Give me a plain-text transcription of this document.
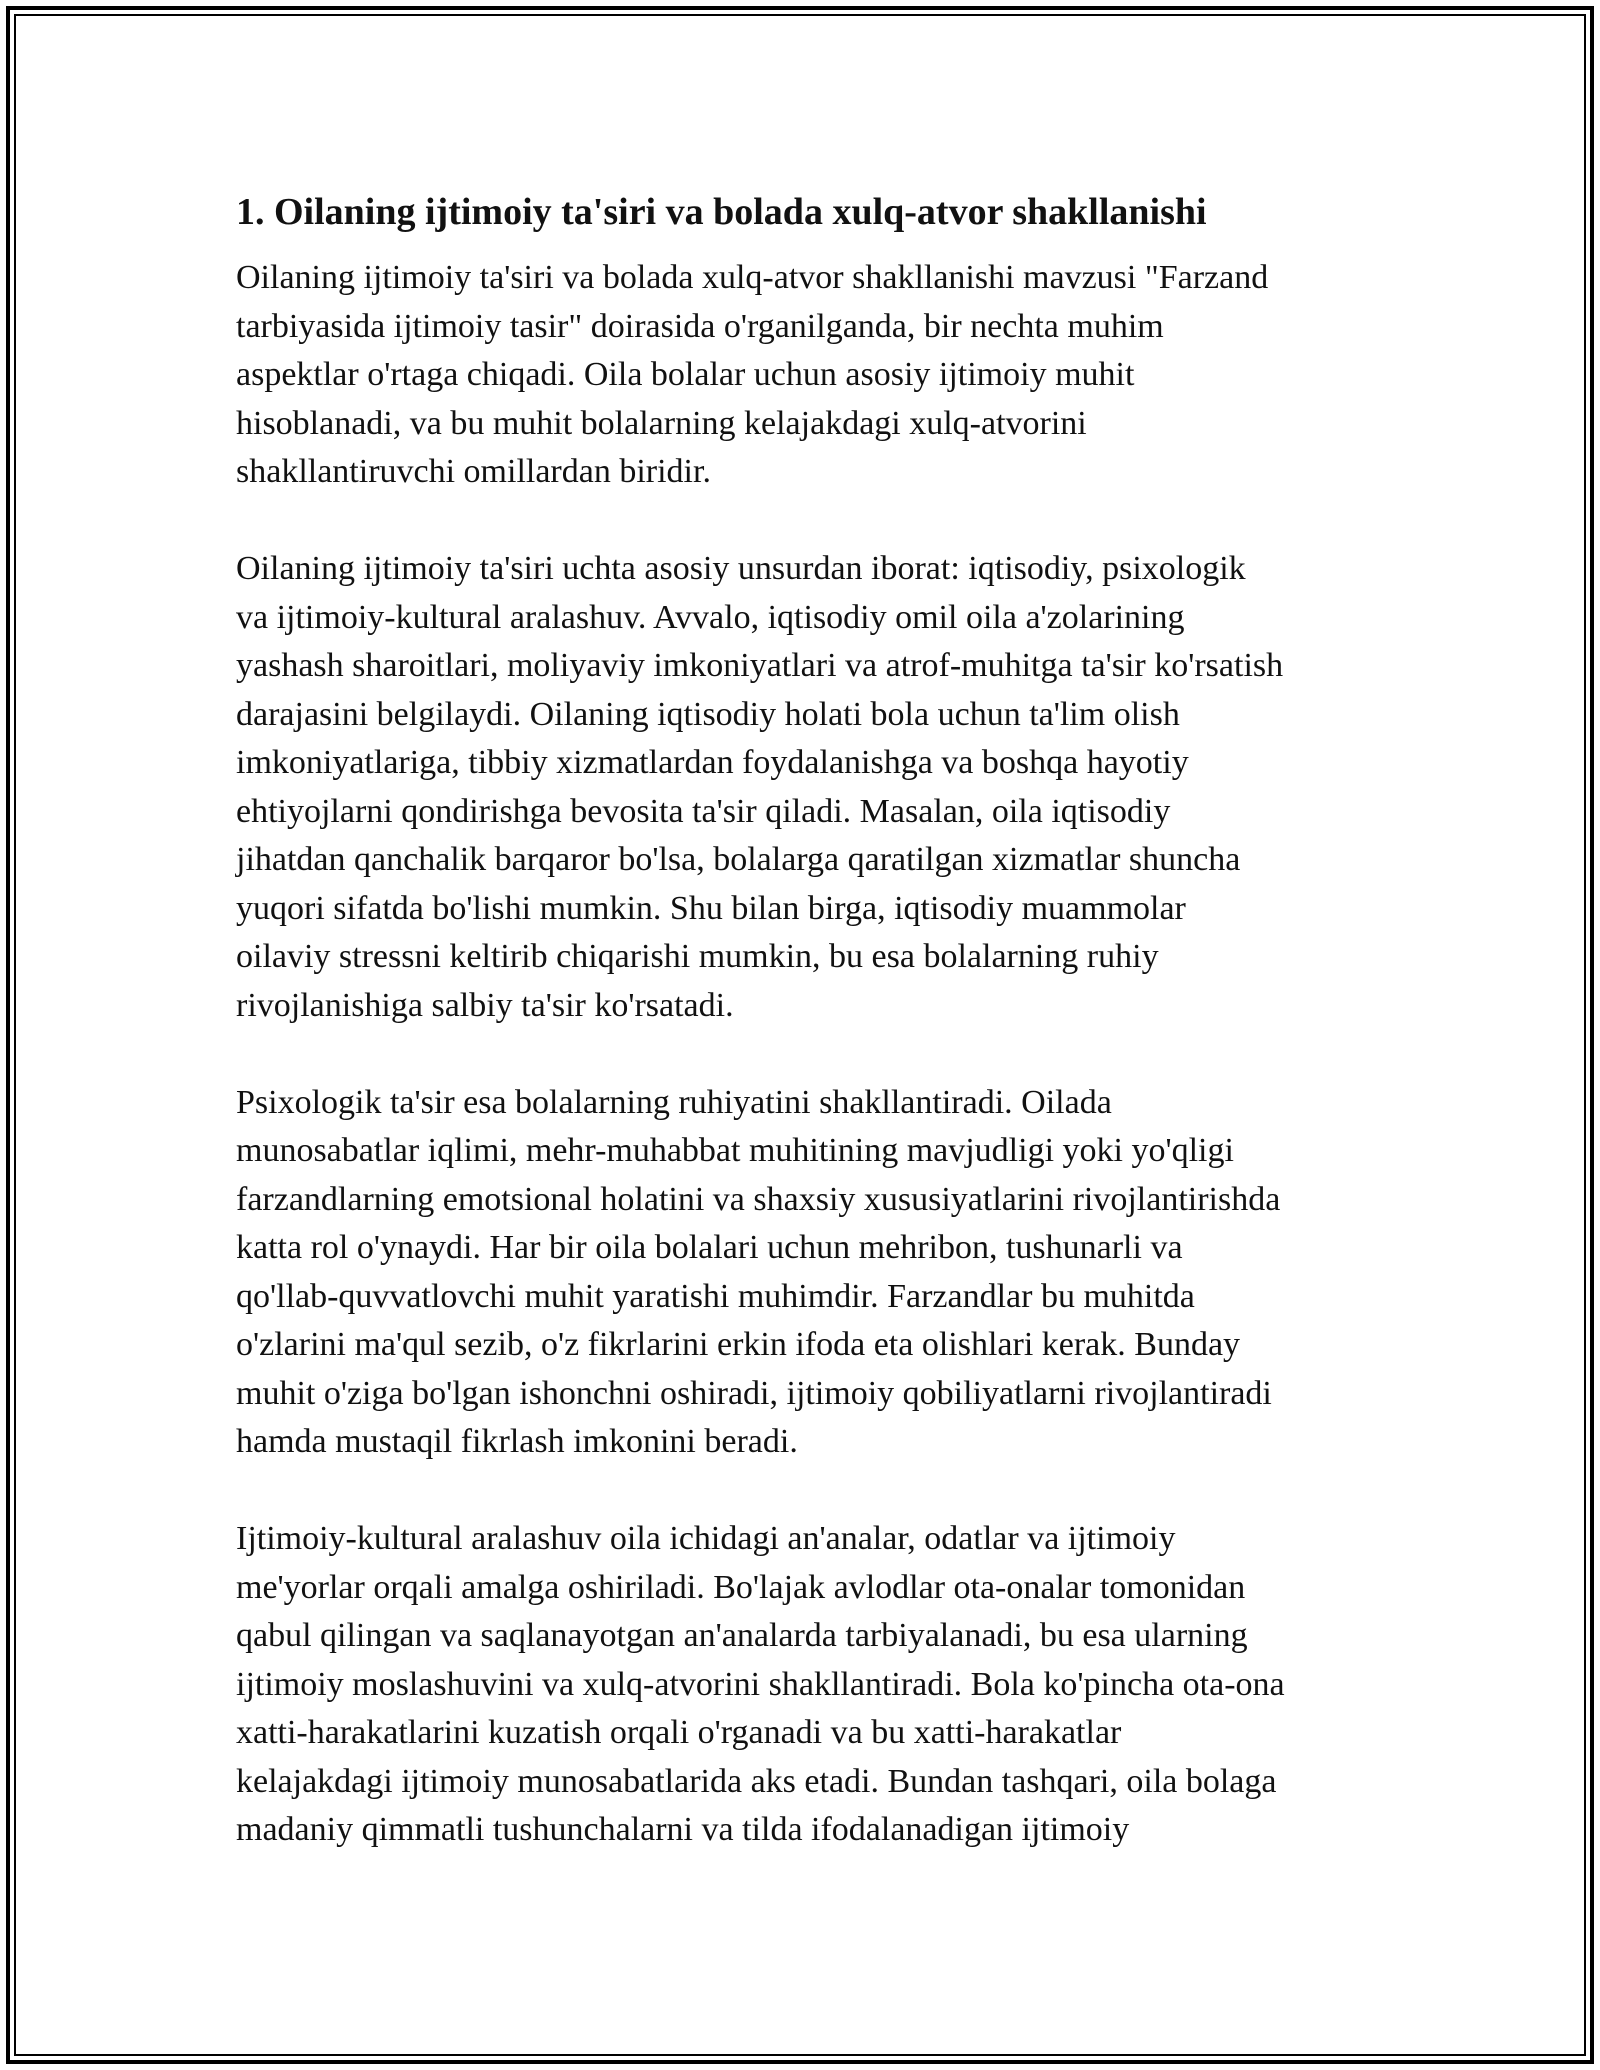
1. Oilaning ijtimoiy ta'siri va bolada xulq-atvor shakllanishi

Oilaning ijtimoiy ta'siri va bolada xulq-atvor shakllanishi mavzusi "Farzand
tarbiyasida ijtimoiy tasir" doirasida o'rganilganda, bir nechta muhim
aspektlar o'rtaga chiqadi. Oila bolalar uchun asosiy ijtimoiy muhit
hisoblanadi, va bu muhit bolalarning kelajakdagi xulq-atvorini
shakllantiruvchi omillardan biridir.

Oilaning ijtimoiy ta'siri uchta asosiy unsurdan iborat: iqtisodiy, psixologik
va ijtimoiy-kultural aralashuv. Avvalo, iqtisodiy omil oila a'zolarining
yashash sharoitlari, moliyaviy imkoniyatlari va atrof-muhitga ta'sir ko'rsatish
darajasini belgilaydi. Oilaning iqtisodiy holati bola uchun ta'lim olish
imkoniyatlariga, tibbiy xizmatlardan foydalanishga va boshqa hayotiy
ehtiyojlarni qondirishga bevosita ta'sir qiladi. Masalan, oila iqtisodiy
jihatdan qanchalik barqaror bo'lsa, bolalarga qaratilgan xizmatlar shuncha
yuqori sifatda bo'lishi mumkin. Shu bilan birga, iqtisodiy muammolar
oilaviy stressni keltirib chiqarishi mumkin, bu esa bolalarning ruhiy
rivojlanishiga salbiy ta'sir ko'rsatadi.

Psixologik ta'sir esa bolalarning ruhiyatini shakllantiradi. Oilada
munosabatlar iqlimi, mehr-muhabbat muhitining mavjudligi yoki yo'qligi
farzandlarning emotsional holatini va shaxsiy xususiyatlarini rivojlantirishda
katta rol o'ynaydi. Har bir oila bolalari uchun mehribon, tushunarli va
qo'llab-quvvatlovchi muhit yaratishi muhimdir. Farzandlar bu muhitda
o'zlarini ma'qul sezib, o'z fikrlarini erkin ifoda eta olishlari kerak. Bunday
muhit o'ziga bo'lgan ishonchni oshiradi, ijtimoiy qobiliyatlarni rivojlantiradi
hamda mustaqil fikrlash imkonini beradi.

Ijtimoiy-kultural aralashuv oila ichidagi an'analar, odatlar va ijtimoiy
me'yorlar orqali amalga oshiriladi. Bo'lajak avlodlar ota-onalar tomonidan
qabul qilingan va saqlanayotgan an'analarda tarbiyalanadi, bu esa ularning
ijtimoiy moslashuvini va xulq-atvorini shakllantiradi. Bola ko'pincha ota-ona
xatti-harakatlarini kuzatish orqali o'rganadi va bu xatti-harakatlar
kelajakdagi ijtimoiy munosabatlarida aks etadi. Bundan tashqari, oila bolaga
madaniy qimmatli tushunchalarni va tilda ifodalanadigan ijtimoiy
